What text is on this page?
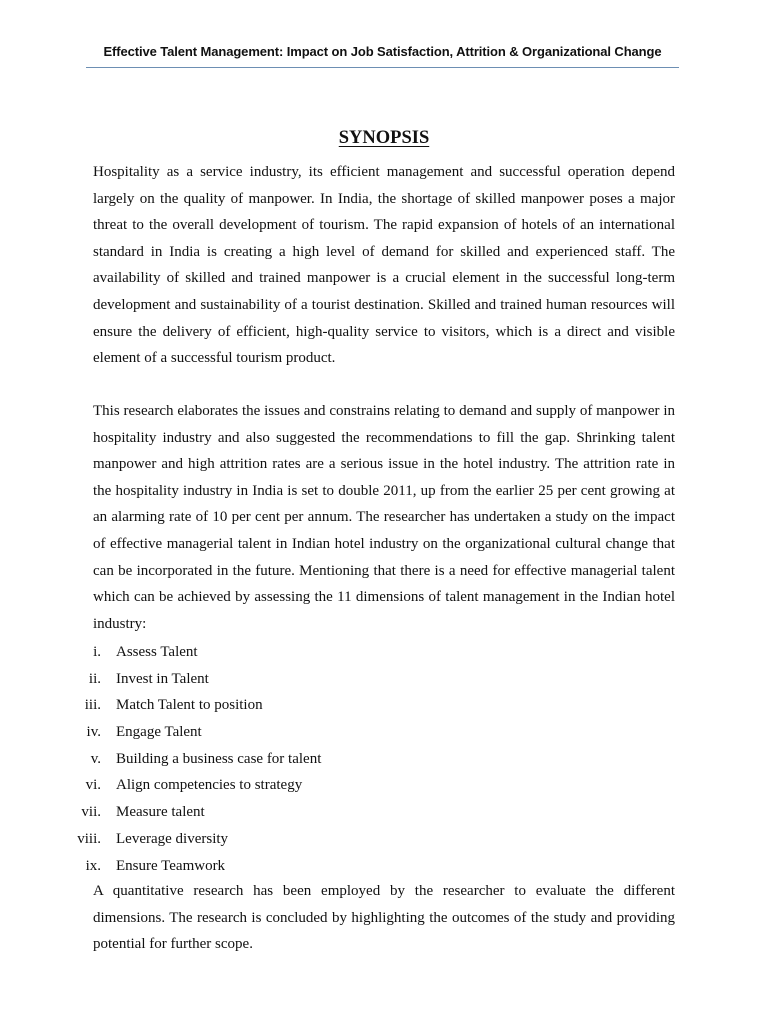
Effective Talent Management: Impact on Job Satisfaction, Attrition & Organizational Change
SYNOPSIS

Hospitality as a service industry, its efficient management and successful operation depend largely on the quality of manpower. In India, the shortage of skilled manpower poses a major threat to the overall development of tourism. The rapid expansion of hotels of an international standard in India is creating a high level of demand for skilled and experienced staff. The availability of skilled and trained manpower is a crucial element in the successful long-term development and sustainability of a tourist destination. Skilled and trained human resources will ensure the delivery of efficient, high-quality service to visitors, which is a direct and visible element of a successful tourism product.

This research elaborates the issues and constrains relating to demand and supply of manpower in hospitality industry and also suggested the recommendations to fill the gap. Shrinking talent manpower and high attrition rates are a serious issue in the hotel industry. The attrition rate in the hospitality industry in India is set to double 2011, up from the earlier 25 per cent growing at an alarming rate of 10 per cent per annum. The researcher has undertaken a study on the impact of effective managerial talent in Indian hotel industry on the organizational cultural change that can be incorporated in the future. Mentioning that there is a need for effective managerial talent which can be achieved by assessing the 11 dimensions of talent management in the Indian hotel industry:

i. Assess Talent
ii. Invest in Talent
iii. Match Talent to position
iv. Engage Talent
v. Building a business case for talent
vi. Align competencies to strategy
vii. Measure talent
viii. Leverage diversity
ix. Ensure Teamwork

A quantitative research has been employed by the researcher to evaluate the different dimensions. The research is concluded by highlighting the outcomes of the study and providing potential for further scope.
